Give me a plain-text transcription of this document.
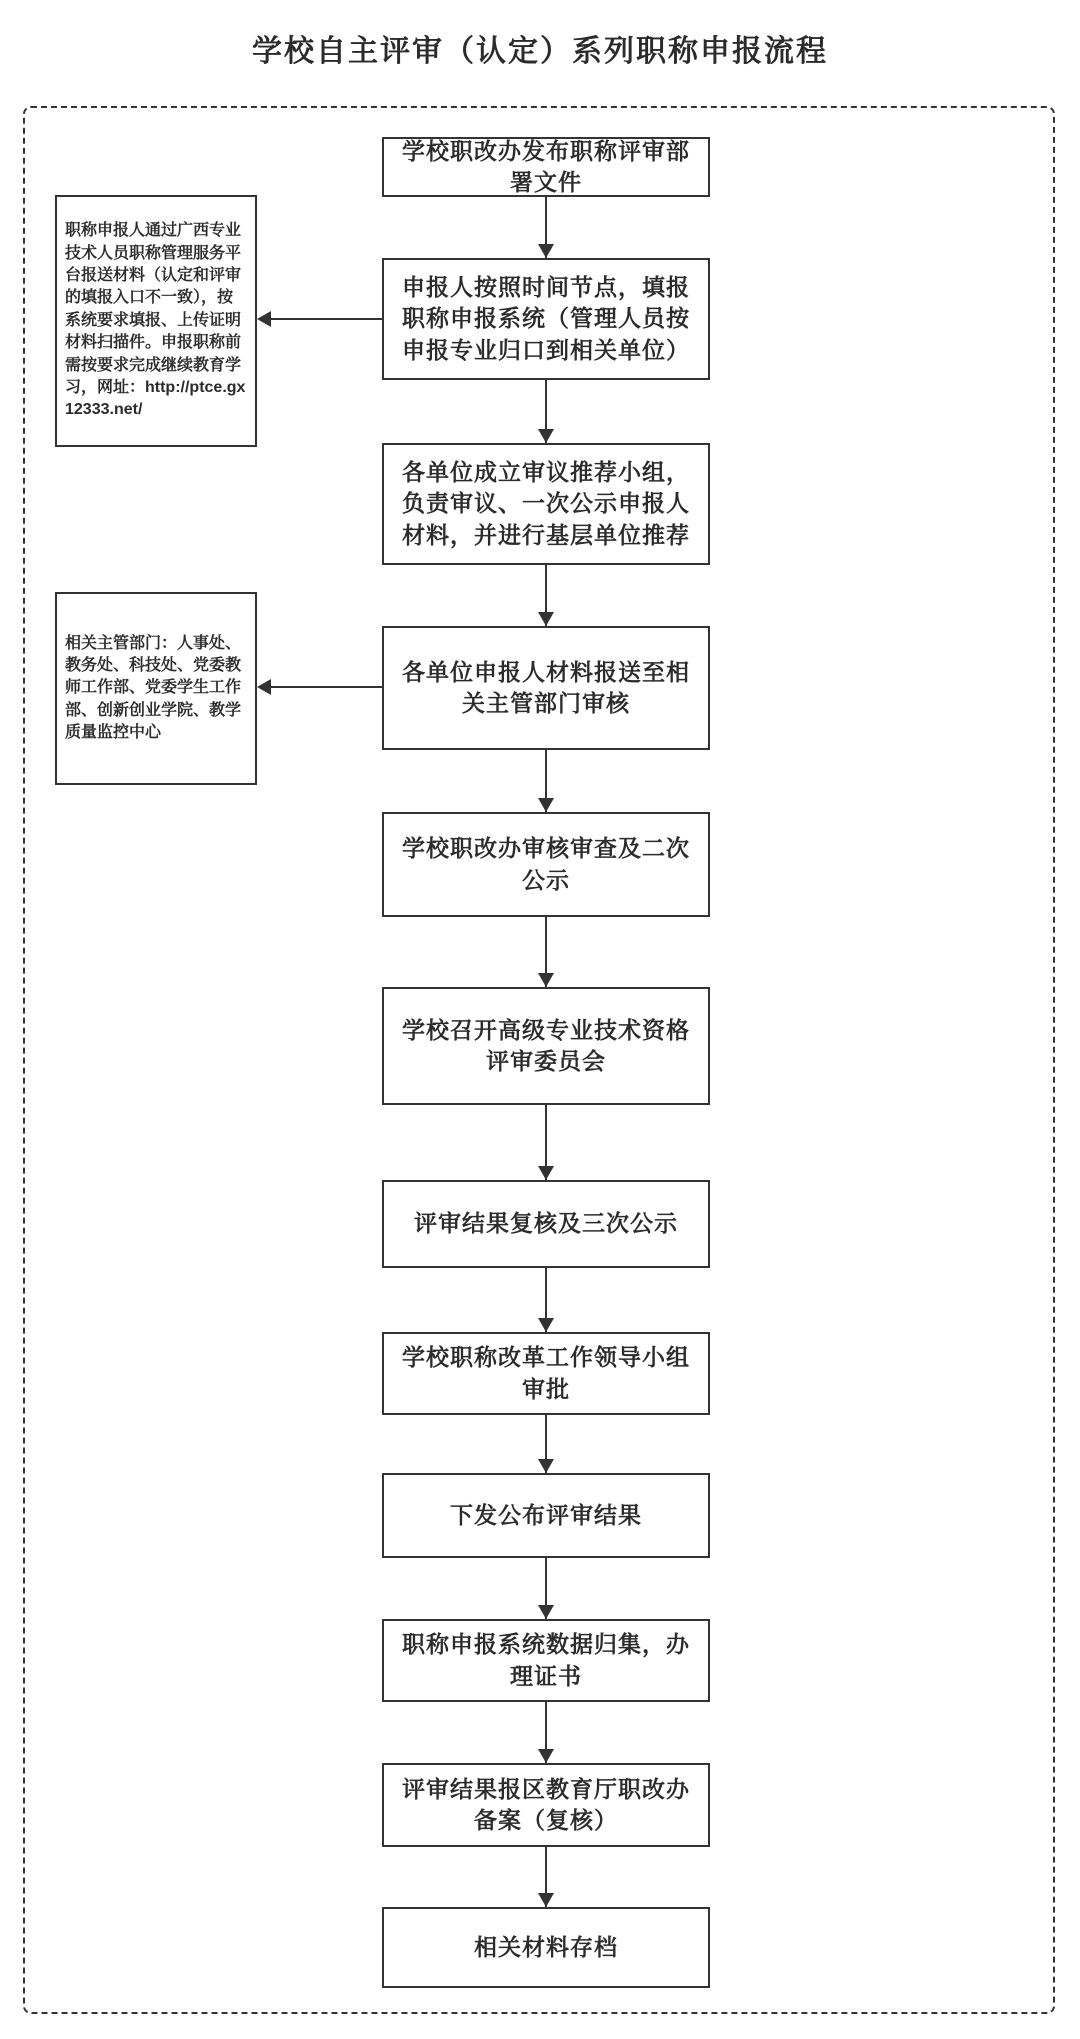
学校自主评审（认定）系列职称申报流程
学校职改办发布职称评审部署文件
申报人按照时间节点，填报职称申报系统（管理人员按申报专业归口到相关单位）
各单位成立审议推荐小组，负责审议、一次公示申报人材料，并进行基层单位推荐
各单位申报人材料报送至相关主管部门审核
学校职改办审核审查及二次公示
学校召开高级专业技术资格评审委员会
评审结果复核及三次公示
学校职称改革工作领导小组审批
下发公布评审结果
职称申报系统数据归集，办理证书
评审结果报区教育厅职改办备案（复核）
相关材料存档
职称申报人通过广西专业技术人员职称管理服务平台报送材料（认定和评审的填报入口不一致），按系统要求填报、上传证明材料扫描件。申报职称前需按要求完成继续教育学习，网址：http://ptce.gx12333.net/
相关主管部门：人事处、教务处、科技处、党委教师工作部、党委学生工作部、创新创业学院、教学质量监控中心
